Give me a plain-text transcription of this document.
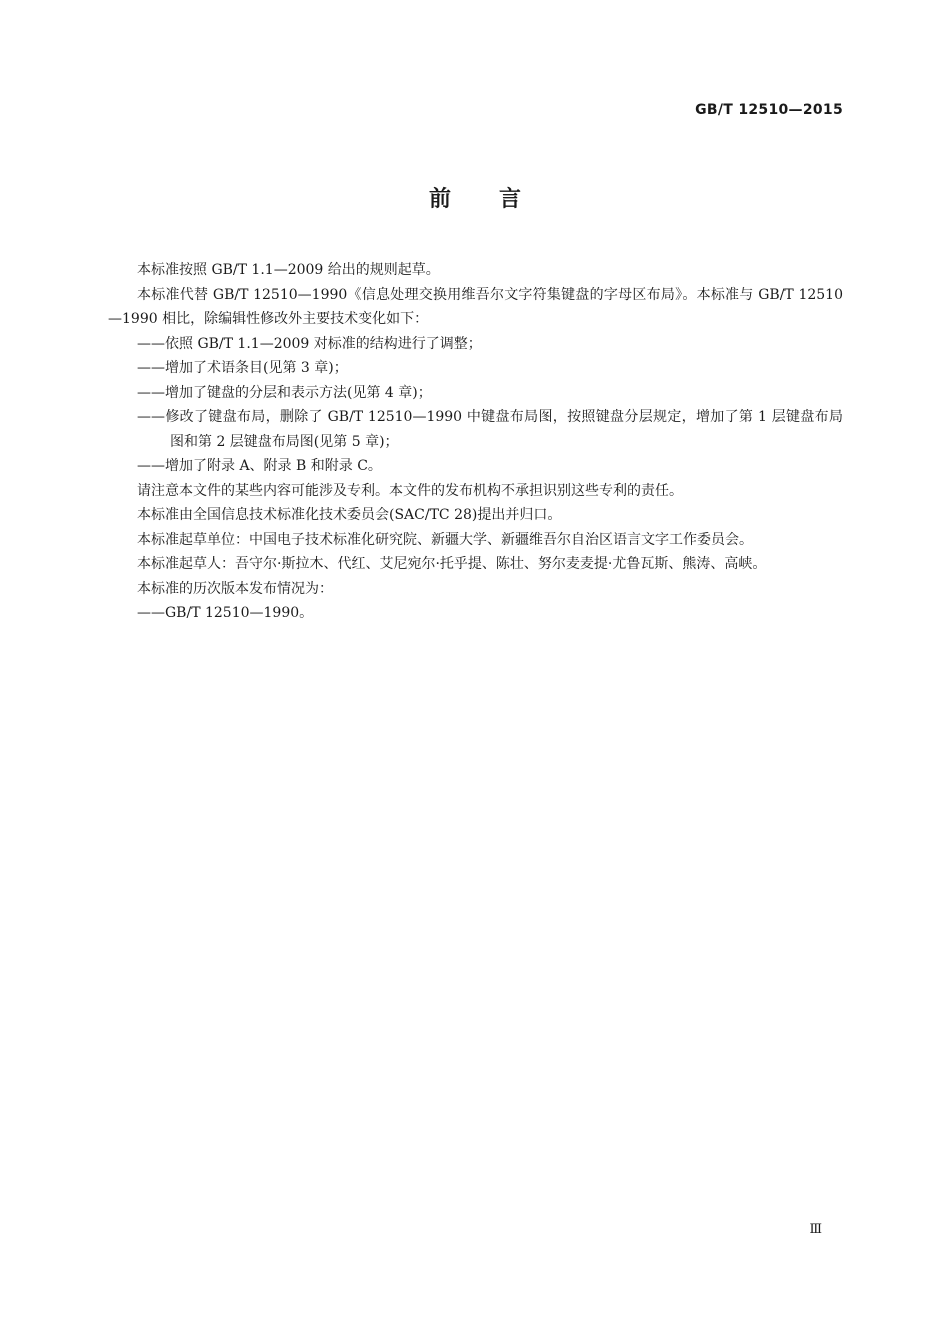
GB/T 12510—2015
前言

本标准按照 GB/T 1.1—2009 给出的规则起草。

本标准代替 GB/T 12510—1990《信息处理交换用维吾尔文字符集键盘的字母区布局》。本标准与 GB/T 12510—1990 相比，除编辑性修改外主要技术变化如下：

——依照 GB/T 1.1—2009 对标准的结构进行了调整；

——增加了术语条目(见第 3 章)；

——增加了键盘的分层和表示方法(见第 4 章)；

——修改了键盘布局，删除了 GB/T 12510—1990 中键盘布局图，按照键盘分层规定，增加了第 1 层键盘布局图和第 2 层键盘布局图(见第 5 章)；

——增加了附录 A、附录 B 和附录 C。

请注意本文件的某些内容可能涉及专利。本文件的发布机构不承担识别这些专利的责任。

本标准由全国信息技术标准化技术委员会(SAC/TC 28)提出并归口。

本标准起草单位：中国电子技术标准化研究院、新疆大学、新疆维吾尔自治区语言文字工作委员会。

本标准起草人：吾守尔·斯拉木、代红、艾尼宛尔·托乎提、陈壮、努尔麦麦提·尤鲁瓦斯、熊涛、高峡。

本标准的历次版本发布情况为：

——GB/T 12510—1990。

Ⅲ
